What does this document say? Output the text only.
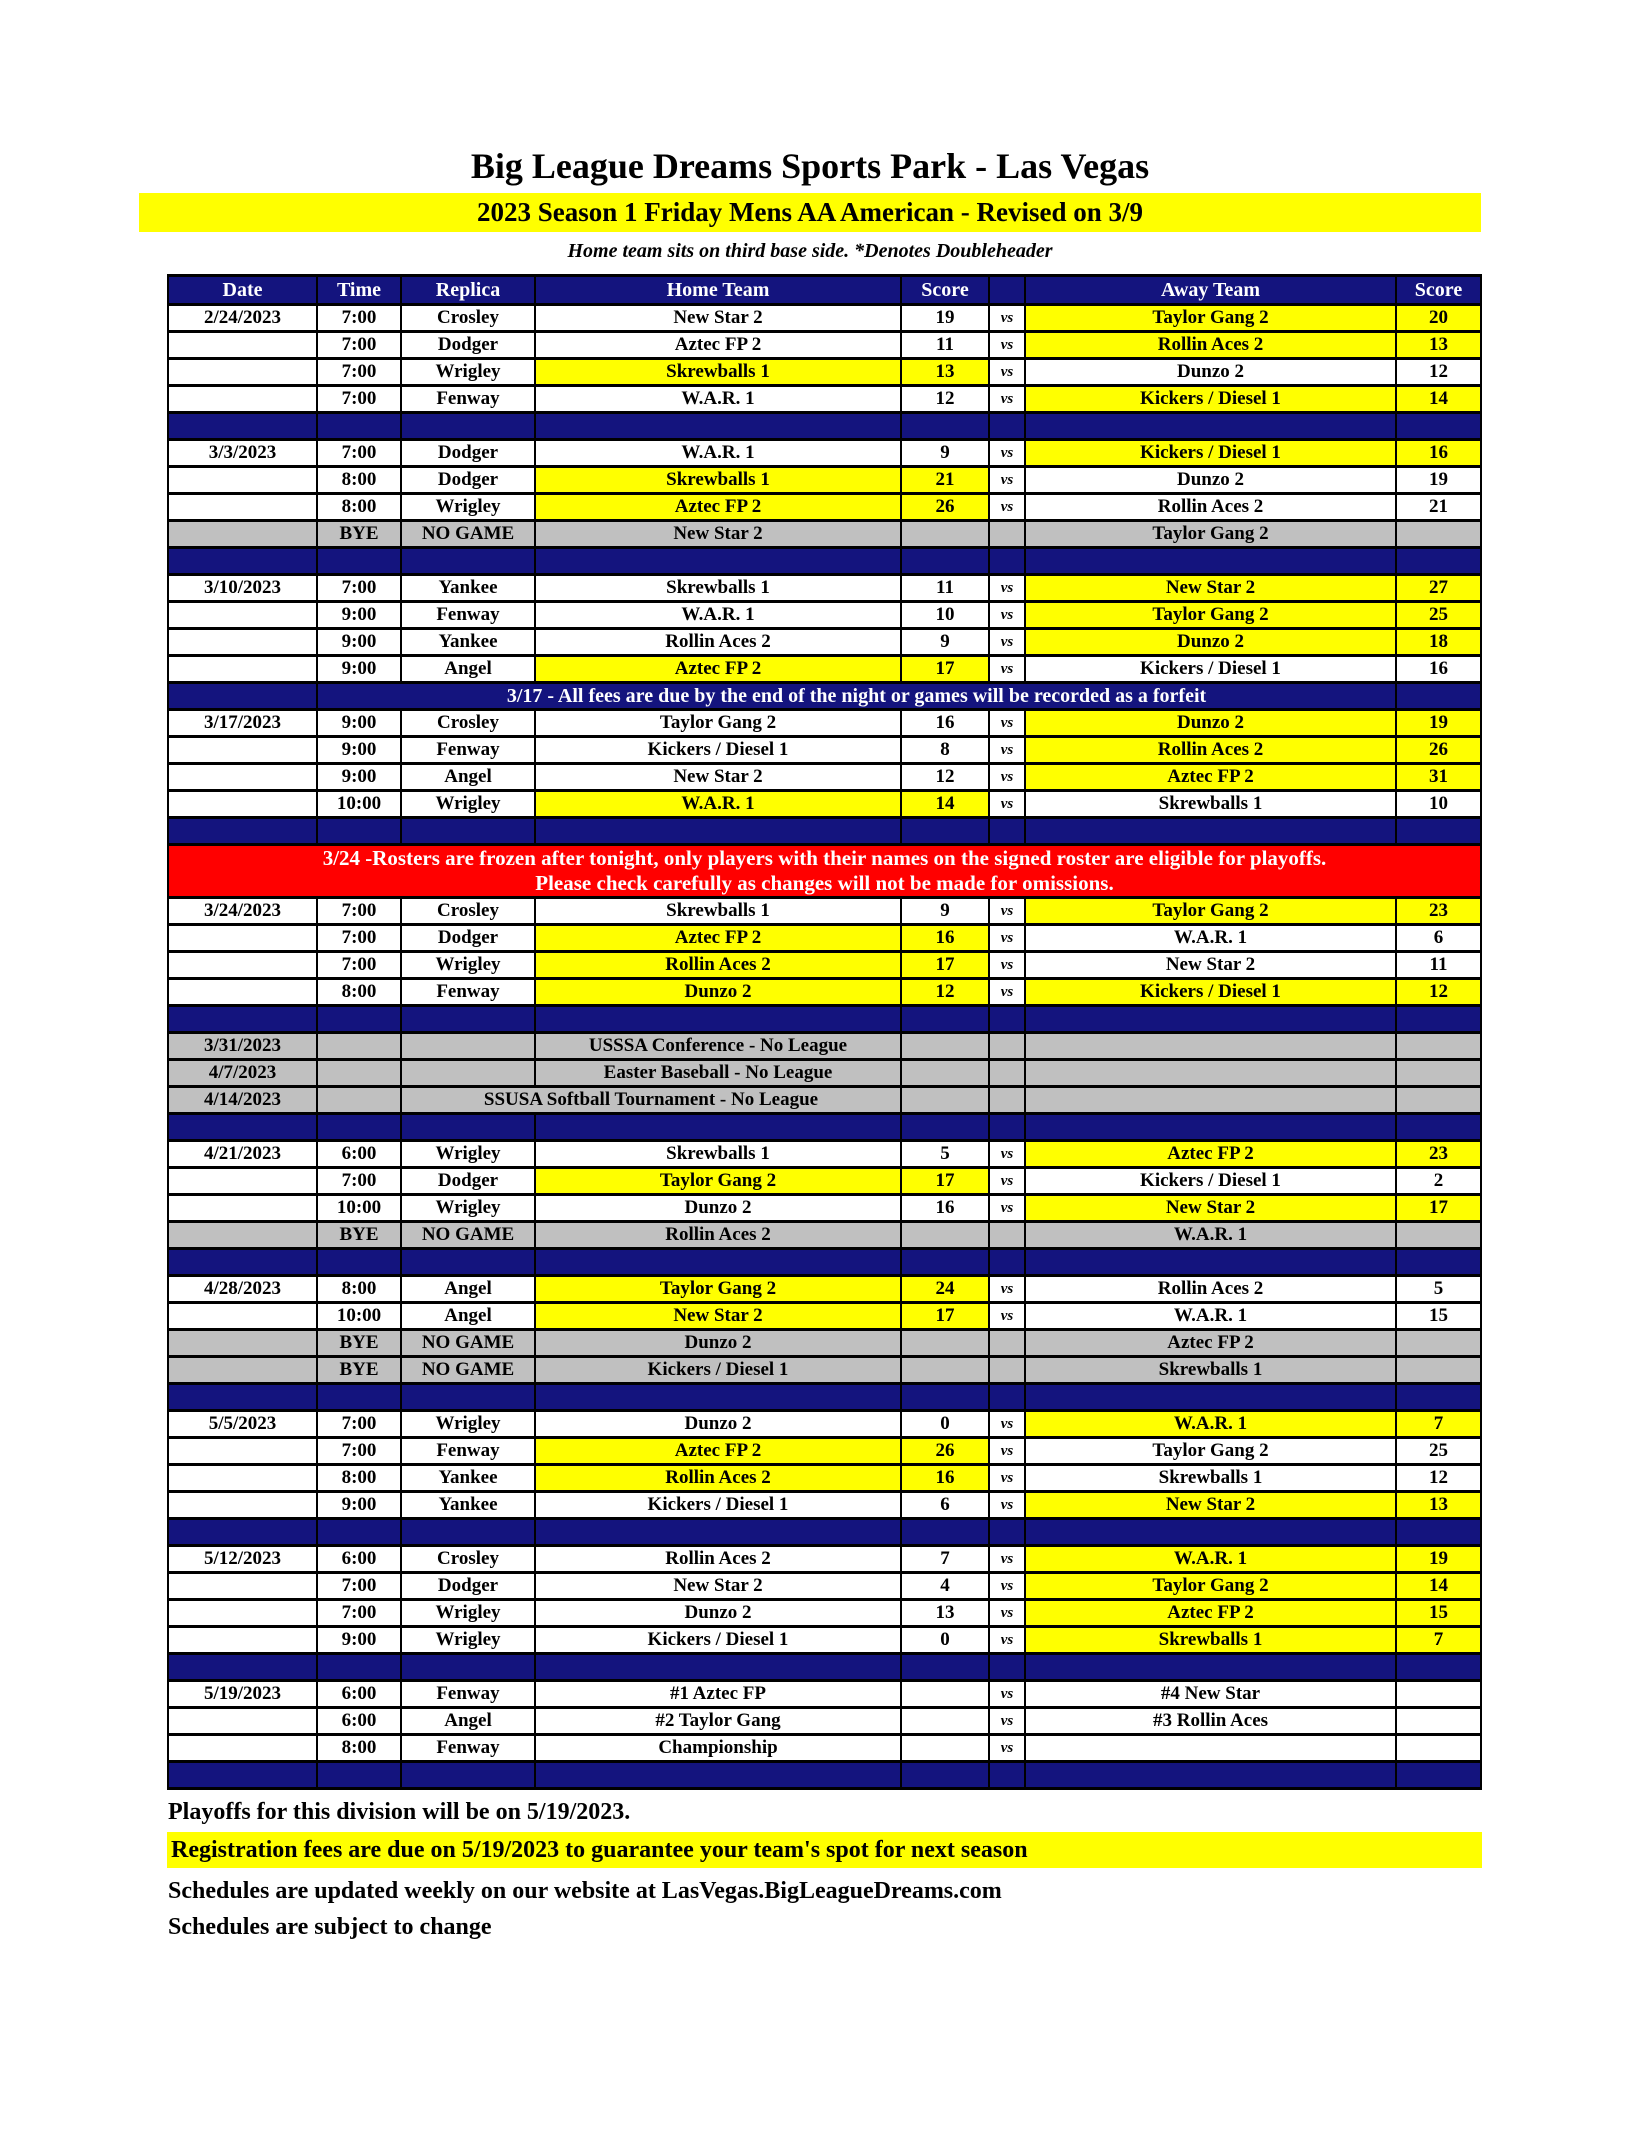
Big League Dreams Sports Park - Las Vegas
2023 Season 1 Friday Mens AA American - Revised on 3/9
Home team sits on third base side. *Denotes Doubleheader
Date	Time	Replica	Home Team	Score		Away Team	Score
2/24/2023	7:00	Crosley	New Star 2	19	vs	Taylor Gang 2	20
	7:00	Dodger	Aztec FP 2	11	vs	Rollin Aces 2	13
	7:00	Wrigley	Skrewballs 1	13	vs	Dunzo 2	12
	7:00	Fenway	W.A.R. 1	12	vs	Kickers / Diesel 1	14

3/3/2023	7:00	Dodger	W.A.R. 1	9	vs	Kickers / Diesel 1	16
	8:00	Dodger	Skrewballs 1	21	vs	Dunzo 2	19
	8:00	Wrigley	Aztec FP 2	26	vs	Rollin Aces 2	21
	BYE	NO GAME	New Star 2			Taylor Gang 2	

3/10/2023	7:00	Yankee	Skrewballs 1	11	vs	New Star 2	27
	9:00	Fenway	W.A.R. 1	10	vs	Taylor Gang 2	25
	9:00	Yankee	Rollin Aces 2	9	vs	Dunzo 2	18
	9:00	Angel	Aztec FP 2	17	vs	Kickers / Diesel 1	16
	3/17 - All fees are due by the end of the night or games will be recorded as a forfeit						
3/17/2023	9:00	Crosley	Taylor Gang 2	16	vs	Dunzo 2	19
	9:00	Fenway	Kickers / Diesel 1	8	vs	Rollin Aces 2	26
	9:00	Angel	New Star 2	12	vs	Aztec FP 2	31
	10:00	Wrigley	W.A.R. 1	14	vs	Skrewballs 1	10

3/24 -Rosters are frozen after tonight, only players with their names on the signed roster are eligible for playoffs.
Please check carefully as changes will not be made for omissions.							

3/24/2023	7:00	Crosley	Skrewballs 1	9	vs	Taylor Gang 2	23
	7:00	Dodger	Aztec FP 2	16	vs	W.A.R. 1	6
	7:00	Wrigley	Rollin Aces 2	17	vs	New Star 2	11
	8:00	Fenway	Dunzo 2	12	vs	Kickers / Diesel 1	12

3/31/2023			USSSA Conference - No League				
4/7/2023			Easter Baseball - No League				
4/14/2023		SSUSA Softball Tournament - No League					

4/21/2023	6:00	Wrigley	Skrewballs 1	5	vs	Aztec FP 2	23
	7:00	Dodger	Taylor Gang 2	17	vs	Kickers / Diesel 1	2
	10:00	Wrigley	Dunzo 2	16	vs	New Star 2	17
	BYE	NO GAME	Rollin Aces 2			W.A.R. 1	

4/28/2023	8:00	Angel	Taylor Gang 2	24	vs	Rollin Aces 2	5
	10:00	Angel	New Star 2	17	vs	W.A.R. 1	15
	BYE	NO GAME	Dunzo 2			Aztec FP 2	
	BYE	NO GAME	Kickers / Diesel 1			Skrewballs 1	

5/5/2023	7:00	Wrigley	Dunzo 2	0	vs	W.A.R. 1	7
	7:00	Fenway	Aztec FP 2	26	vs	Taylor Gang 2	25
	8:00	Yankee	Rollin Aces 2	16	vs	Skrewballs 1	12
	9:00	Yankee	Kickers / Diesel 1	6	vs	New Star 2	13

5/12/2023	6:00	Crosley	Rollin Aces 2	7	vs	W.A.R. 1	19
	7:00	Dodger	New Star 2	4	vs	Taylor Gang 2	14
	7:00	Wrigley	Dunzo 2	13	vs	Aztec FP 2	15
	9:00	Wrigley	Kickers / Diesel 1	0	vs	Skrewballs 1	7

5/19/2023	6:00	Fenway	#1 Aztec FP		vs	#4 New Star	
	6:00	Angel	#2 Taylor Gang		vs	#3 Rollin Aces	
	8:00	Fenway	Championship		vs		

Playoffs for this division will be on 5/19/2023.
Registration fees are due on 5/19/2023 to guarantee your team's spot for next season
Schedules are updated weekly on our website at LasVegas.BigLeagueDreams.com
Schedules are subject to change
